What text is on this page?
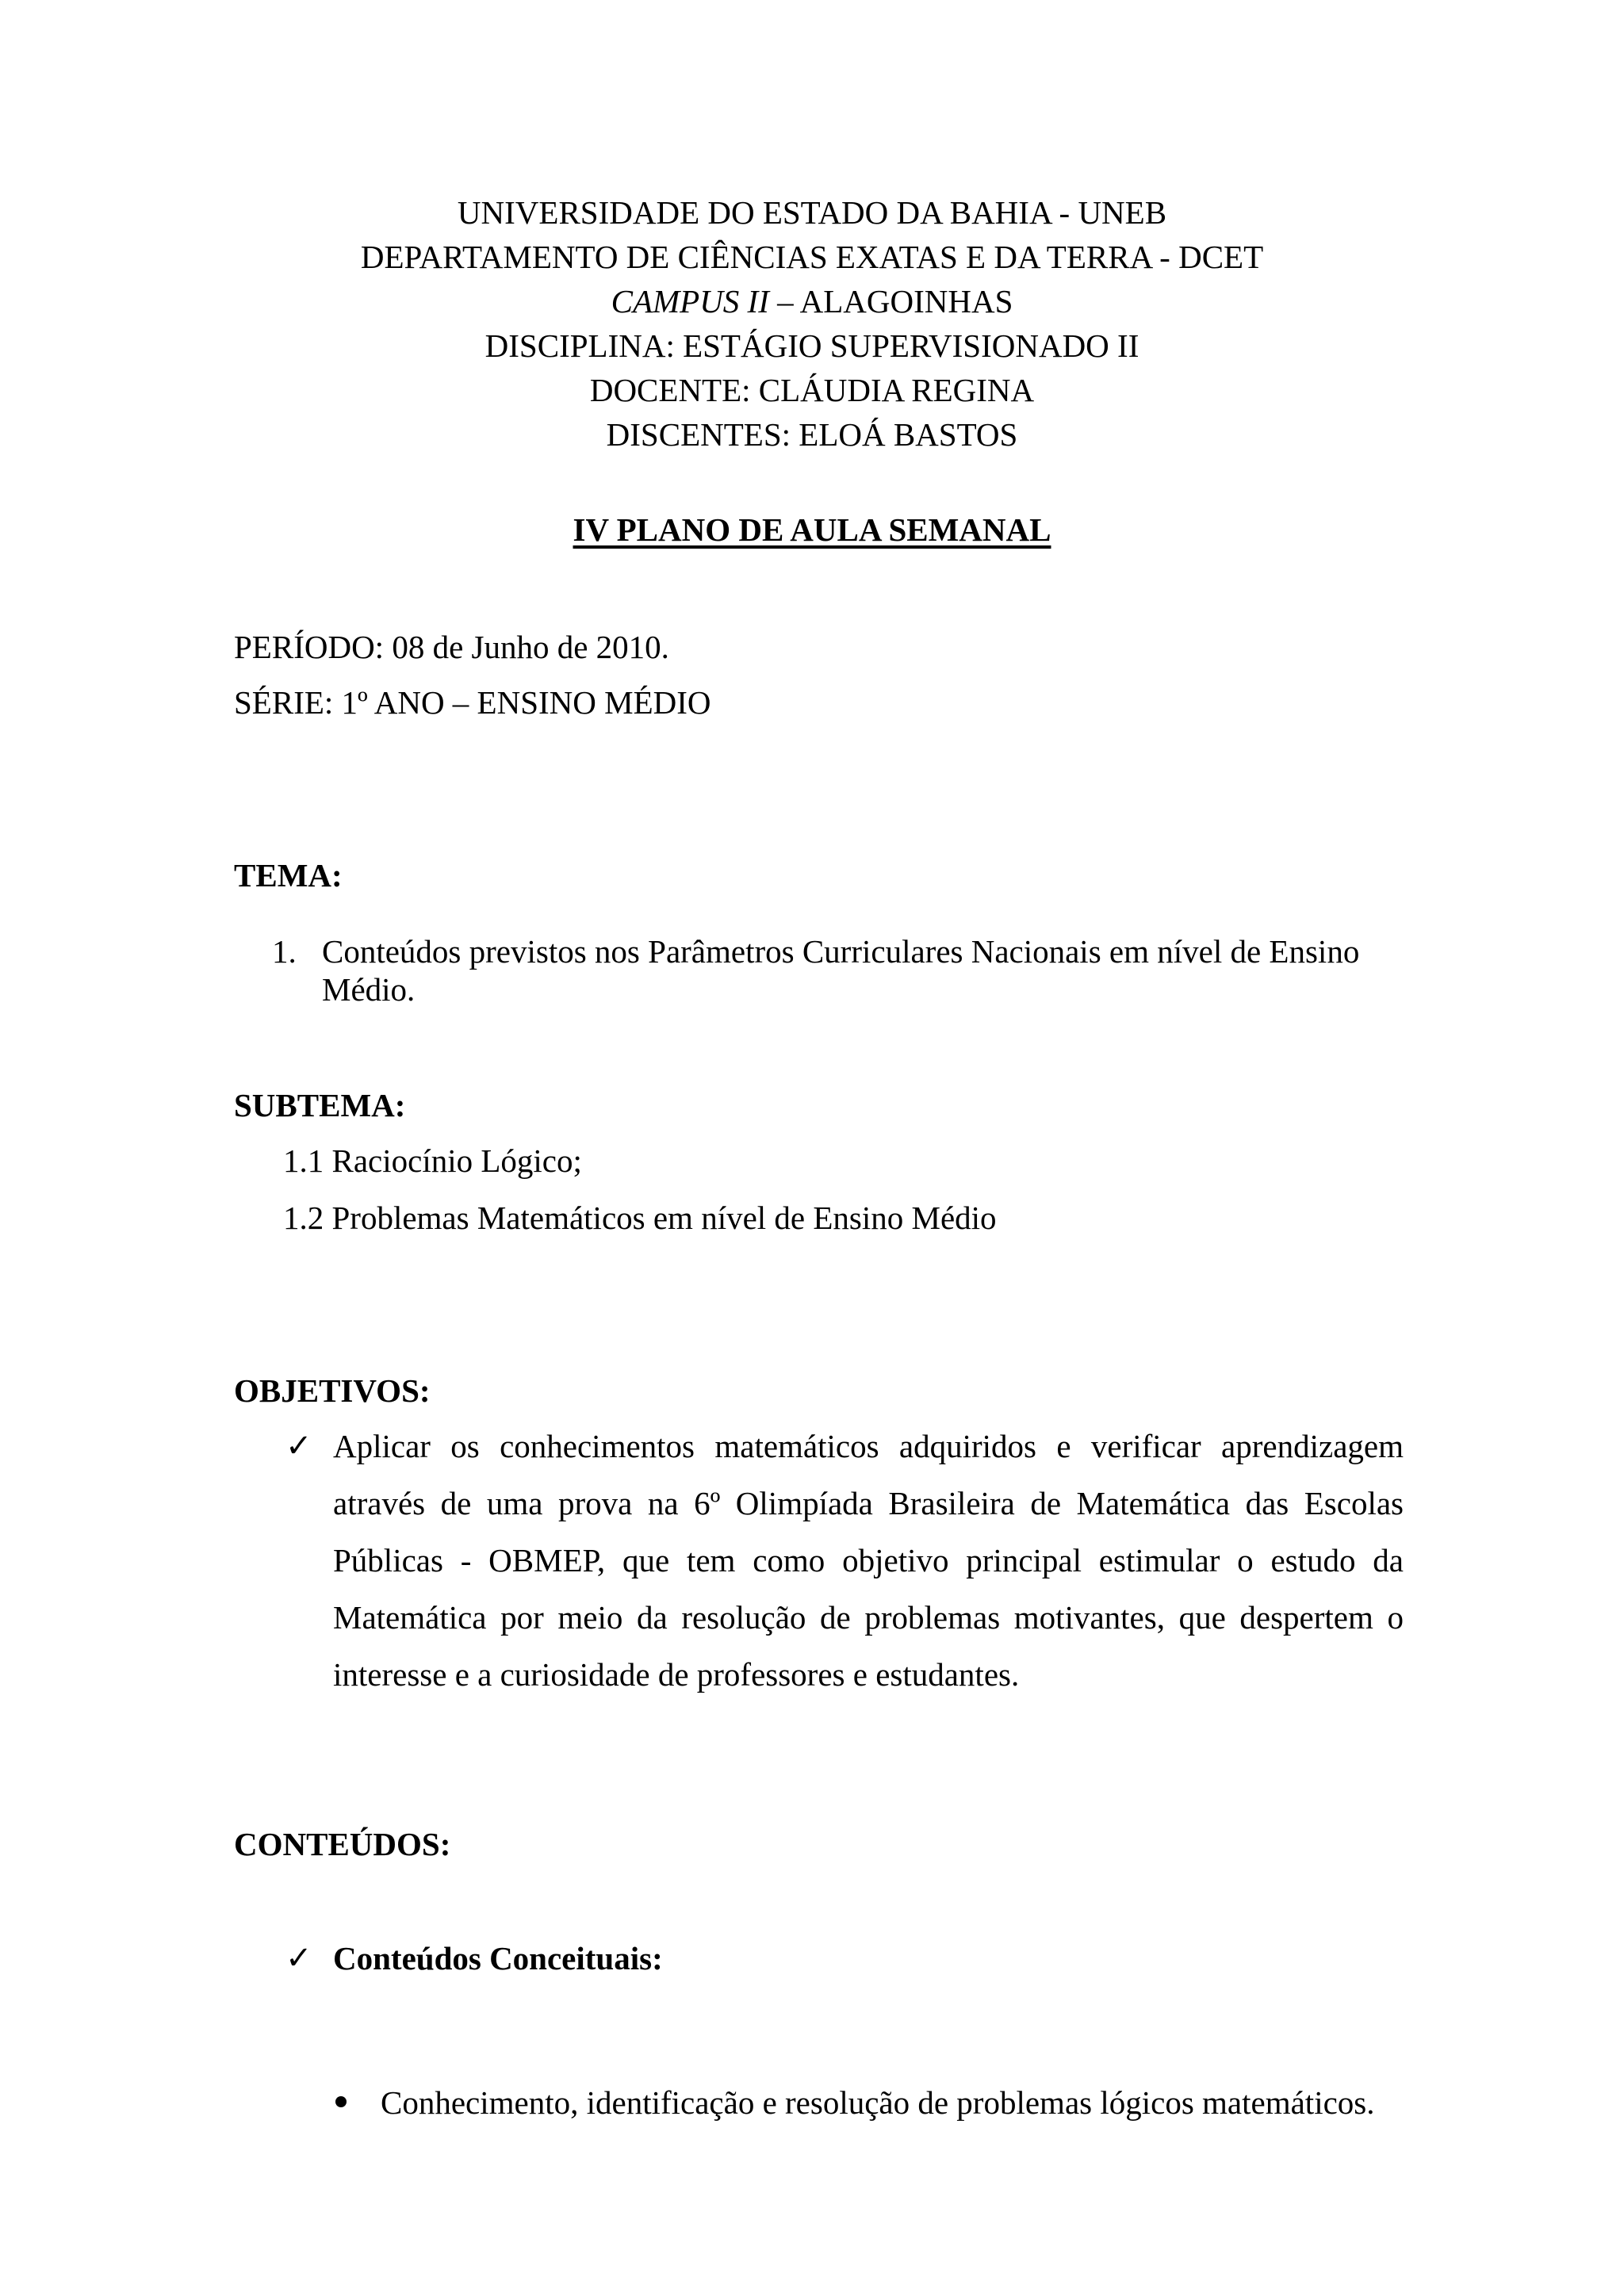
UNIVERSIDADE DO ESTADO DA BAHIA - UNEB
DEPARTAMENTO DE CIÊNCIAS EXATAS E DA TERRA - DCET
CAMPUS II – ALAGOINHAS
DISCIPLINA: ESTÁGIO SUPERVISIONADO II
DOCENTE: CLÁUDIA REGINA
DISCENTES: ELOÁ BASTOS
IV PLANO DE AULA SEMANAL
PERÍODO: 08 de Junho de 2010.
SÉRIE: 1º ANO – ENSINO MÉDIO
TEMA:
1. Conteúdos previstos nos Parâmetros Curriculares Nacionais em nível de Ensino
Médio.
SUBTEMA:
1.1 Raciocínio Lógico;
1.2 Problemas Matemáticos em nível de Ensino Médio
OBJETIVOS:
✓ Aplicar os conhecimentos matemáticos adquiridos e verificar aprendizagem através de uma prova na 6º Olimpíada Brasileira de Matemática das Escolas Públicas - OBMEP, que tem como objetivo principal estimular o estudo da Matemática por meio da resolução de problemas motivantes, que despertem o interesse e a curiosidade de professores e estudantes.
CONTEÚDOS:
✓ Conteúdos Conceituais:
Conhecimento, identificação e resolução de problemas lógicos matemáticos.
